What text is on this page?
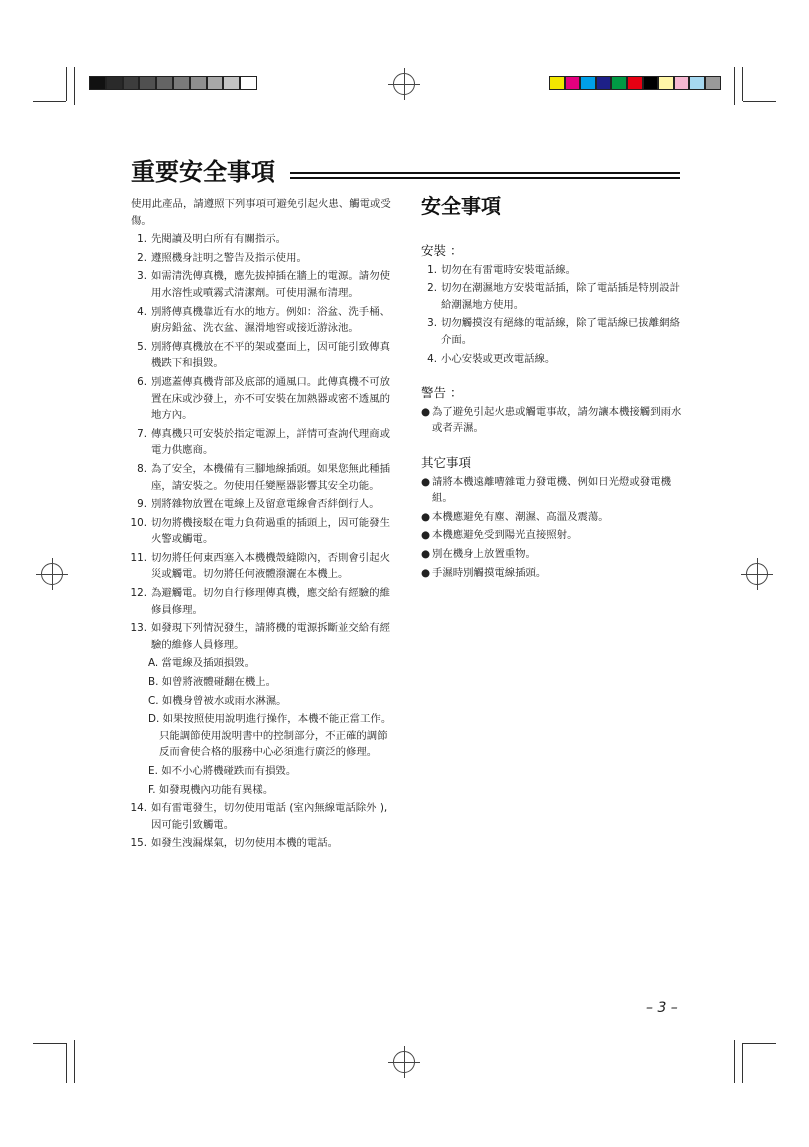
重要安全事項

使用此產品，請遵照下列事項可避免引起火患、觸電或受傷。

1. 先閱讀及明白所有有關指示。
2. 遵照機身註明之警告及指示使用。
3. 如需清洗傳真機，應先拔掉插在牆上的電源。請勿使用水溶性或噴霧式清潔劑。可使用濕布清理。
4. 別將傳真機靠近有水的地方。例如：浴盆、洗手桶、廚房鉛盆、洗衣盆、濕滑地窖或接近游泳池。
5. 別將傳真機放在不平的架或臺面上，因可能引致傳真機跌下和損毀。
6. 別遮蓋傳真機背部及底部的通風口。此傳真機不可放置在床或沙發上，亦不可安裝在加熱器或密不透風的地方內。
7. 傳真機只可安裝於指定電源上，詳情可查詢代理商或電力供應商。
8. 為了安全，本機備有三腳地線插頭。如果您無此種插座，請安裝之。勿使用任變壓器影響其安全功能。
9. 別將雜物放置在電線上及留意電線會否絆倒行人。
10. 切勿將機接駁在電力負荷過重的插頭上，因可能發生火警或觸電。
11. 切勿將任何東西塞入本機機殼縫隙內，否則會引起火災或觸電。切勿將任何液體潑灑在本機上。
12. 為避觸電。切勿自行修理傳真機，應交給有經驗的維修員修理。
13. 如發現下列情況發生，請將機的電源拆斷並交給有經驗的維修人員修理。
A. 當電線及插頭損毀。
B. 如曾將液體碰翻在機上。
C. 如機身曾被水或雨水淋濕。
D. 如果按照使用說明進行操作，本機不能正當工作。只能調節使用說明書中的控制部分，不正確的調節反而會使合格的服務中心必須進行廣泛的修理。
E. 如不小心將機碰跌而有損毀。
F. 如發現機內功能有異樣。
14. 如有雷電發生，切勿使用電話 (室內無線電話除外 ), 因可能引致觸電。
15. 如發生洩漏煤氣，切勿使用本機的電話。
安全事項
安裝 ：
1. 切勿在有雷電時安裝電話線。
2. 切勿在潮濕地方安裝電話插，除了電話插是特別設計給潮濕地方使用。
3. 切勿觸摸沒有絕緣的電話線，除了電話線已拔離網絡介面。
4. 小心安裝或更改電話線。
警告 ：
● 為了避免引起火患或觸電事故，請勿讓本機接觸到雨水或者弄濕。
其它事項
● 請將本機遠離嘈雜電力發電機、例如日光燈或發電機組。
● 本機應避免有塵、潮濕、高溫及震蕩。
● 本機應避免受到陽光直接照射。
● 別在機身上放置重物。
● 手濕時別觸摸電線插頭。
– 3 –
